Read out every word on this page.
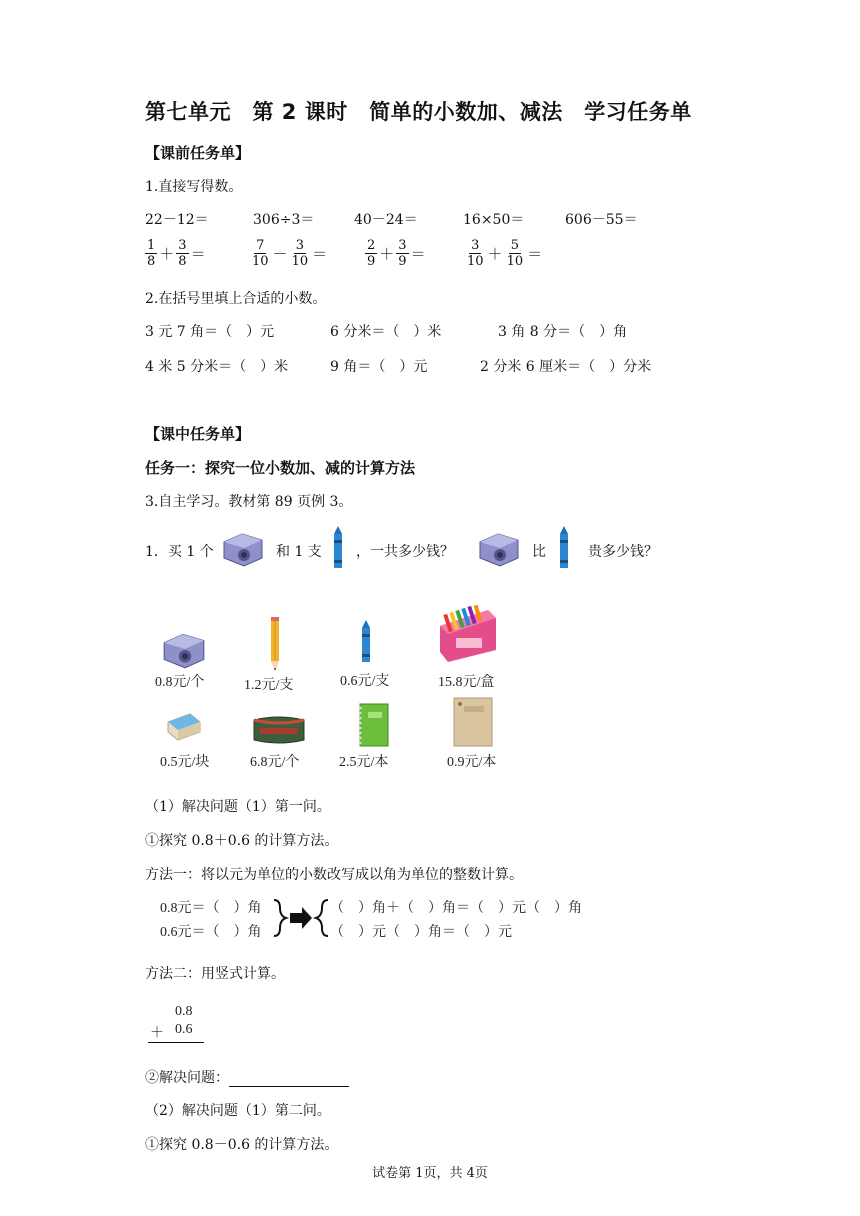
第七单元　第 2 课时　简单的小数加、减法　学习任务单
【课前任务单】
1.直接写得数。
22－12＝	306÷3＝	40－24＝	16×50＝	606－55＝
$\frac{1}{8} + \frac{3}{8}$ ＝	$\frac{7}{10} - \frac{3}{10}$ ＝	$\frac{2}{9} + \frac{3}{9}$ ＝	$\frac{3}{10} + \frac{5}{10}$ ＝
2.在括号里填上合适的小数。
3 元 7 角＝（　）元	6 分米＝（　）米	3 角 8 分＝（　）角
4 米 5 分米＝（　）米	9 角＝（　）元	2 分米 6 厘米＝（　）分米
【课中任务单】
任务一：探究一位小数加、减的计算方法
3.自主学习。教材第 89 页例 3。
1．买 1 个	和 1 支 ，一共多少钱？	比	贵多少钱？
0.8元/个	1.2元/支	0.6元/支	15.8元/盒
0.5元/块	6.8元/个	2.5元/本	0.9元/本
（1）解决问题（1）第一问。
①探究 0.8＋0.6 的计算方法。
方法一：将以元为单位的小数改写成以角为单位的整数计算。
0.8元＝（　）角
0.6元＝（　）角
（　）角＋（　）角＝（　）元（　）角
（　）元（　）角＝（　）元
方法二：用竖式计算。
0.8
＋ 0.6
②解决问题：
（2）解决问题（1）第二问。
①探究 0.8－0.6 的计算方法。
试卷第 1页，共 4页
